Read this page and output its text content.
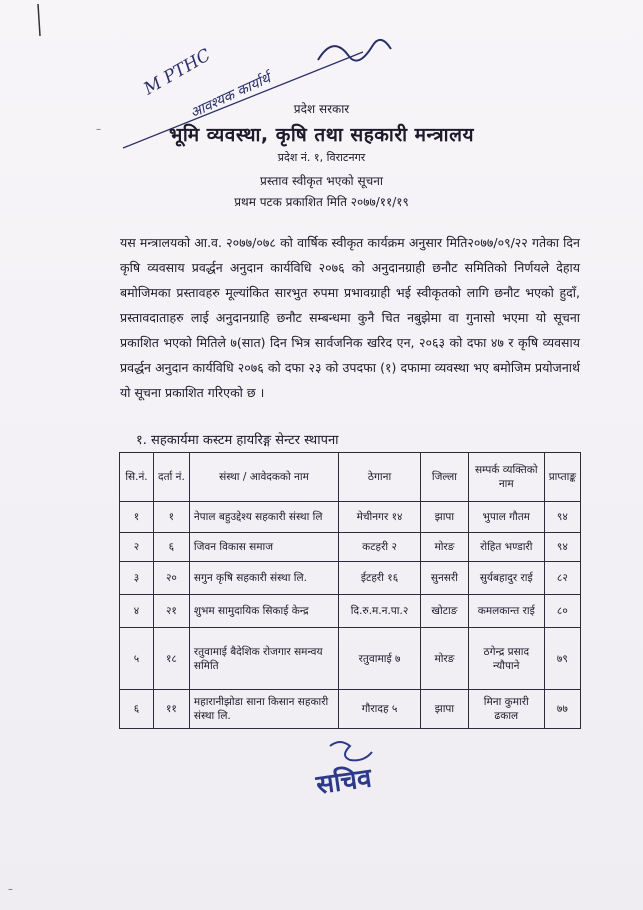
M PTHC
आवश्यक कार्यार्थ	प्रदेश सरकार
भूमि व्यवस्था, कृषि तथा सहकारी मन्त्रालय
प्रदेश नं. १, विराटनगर
प्रस्ताव स्वीकृत भएको सूचना
प्रथम पटक प्रकाशित मिति २०७७/११/१९
यस मन्त्रालयको आ.व. २०७७/०७८ को वार्षिक स्वीकृत कार्यक्रम अनुसार मिति२०७७/०९/२२ गतेका दिन कृषि व्यवसाय प्रवर्द्धन अनुदान कार्यविधि २०७६ को अनुदानग्राही छनौट समितिको निर्णयले देहाय बमोजिमका प्रस्तावहरु मूल्यांकित सारभुत रुपमा प्रभावग्राही भई स्वीकृतको लागि छनौट भएको हुदाँ, प्रस्तावदाताहरु लाई अनुदानग्राहि छनौट सम्बन्धमा कुनै चित नबुझेमा वा गुनासो भएमा यो सूचना प्रकाशित भएको मितिले ७(सात) दिन भित्र सार्वजनिक खरिद एन, २०६३ को दफा ४७ र कृषि व्यवसाय प्रवर्द्धन अनुदान कार्यविधि २०७६ को दफा २३ को उपदफा (१) दफामा व्यवस्था भए बमोजिम प्रयोजनार्थ यो सूचना प्रकाशित गरिएको छ ।
१. सहकार्यमा कस्टम हायरिङ्ग सेन्टर स्थापना
सि.नं.	दर्ता नं.	संस्था / आवेदकको नाम	ठेगाना	जिल्ला	सम्पर्क व्यक्तिको नाम	प्राप्ताङ्क
१	१	नेपाल बहुउद्देश्य सहकारी संस्था लि	मेचीनगर १४	झापा	भुपाल गौतम	९४
२	६	जिवन विकास समाज	कटहरी २	मोरङ	रोहित भण्डारी	९४
३	२०	सगुन कृषि सहकारी संस्था लि.	ईटहरी १६	सुनसरी	सुर्यबहादुर राई	८२
४	२१	शुभम सामुदायिक सिकाई केन्द्र	दि.रु.म.न.पा.२	खोटाङ	कमलकान्त राई	८०
५	१८	रतुवामाई बैदेशिक रोजगार समन्वय समिति	रतुवामाई ७	मोरङ	ठगेन्द्र प्रसाद न्यौपाने	७९
६	११	महारानीझोडा साना किसान सहकारी संस्था लि.	गौरादह ५	झापा	मिना कुमारी ढकाल	७७
सचिव
–
–
